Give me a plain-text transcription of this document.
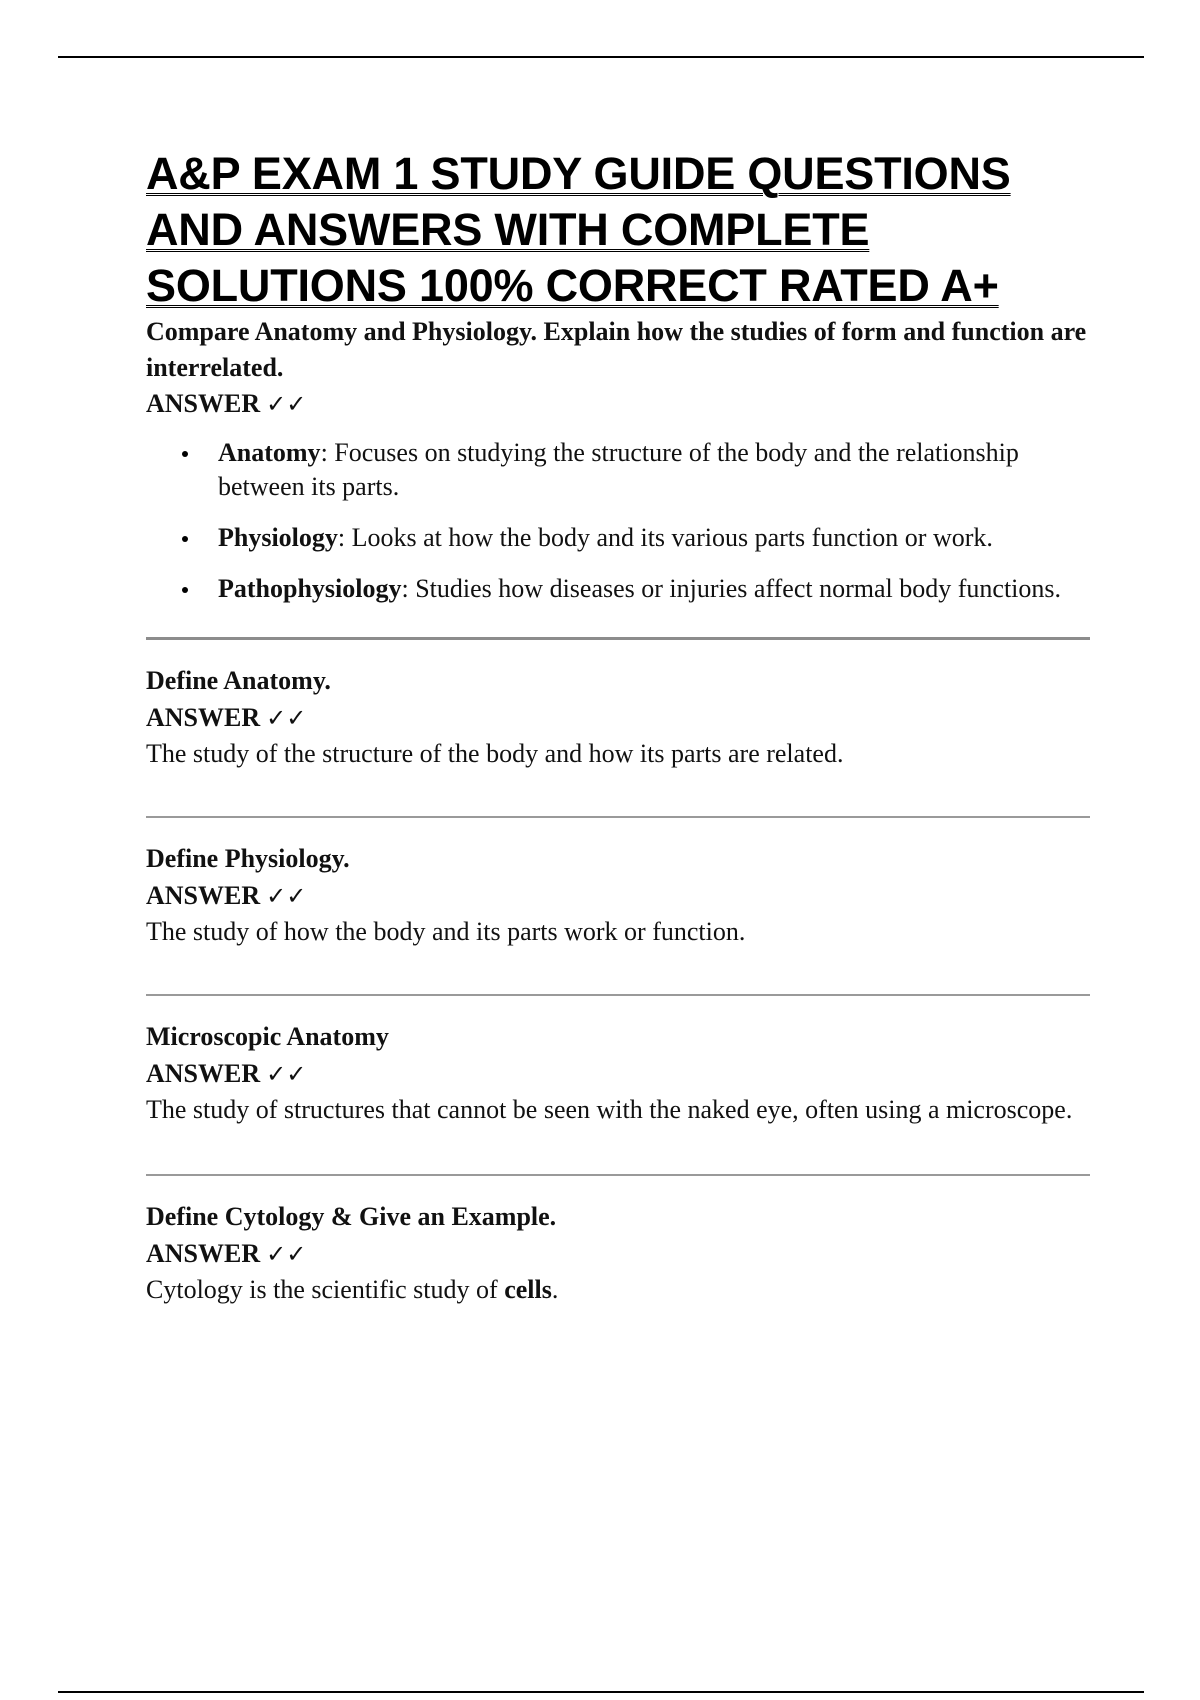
A&P EXAM 1 STUDY GUIDE QUESTIONS AND ANSWERS WITH COMPLETE SOLUTIONS 100% CORRECT RATED A+

Compare Anatomy and Physiology. Explain how the studies of form and function are interrelated.

ANSWER ✓✓

Anatomy: Focuses on studying the structure of the body and the relationship between its parts.
Physiology: Looks at how the body and its various parts function or work.
Pathophysiology: Studies how diseases or injuries affect normal body functions.

Define Anatomy.

ANSWER ✓✓

The study of the structure of the body and how its parts are related.

Define Physiology.

ANSWER ✓✓

The study of how the body and its parts work or function.

Microscopic Anatomy

ANSWER ✓✓

The study of structures that cannot be seen with the naked eye, often using a microscope.

Define Cytology & Give an Example.

ANSWER ✓✓

Cytology is the scientific study of cells.
